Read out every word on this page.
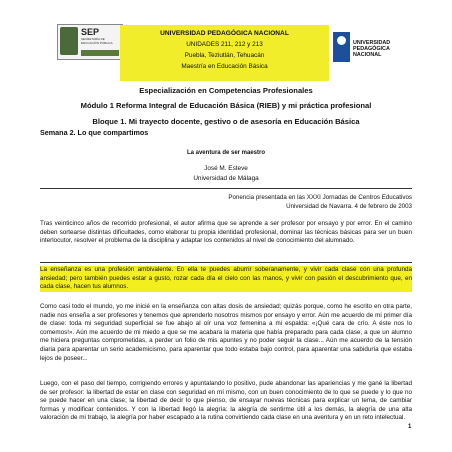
SEP
SECRETARÍA DE EDUCACIÓN PÚBLICA
UNIVERSIDAD PEDAGÓGICA NACIONAL
UNIDADES 211, 212 y 213
Puebla, Teziutlán, Tehuacán
Maestría en Educación Básica
UNIVERSIDAD
PEDAGÓGICA
NACIONAL
Especialización en Competencias Profesionales
Módulo 1 Reforma Integral de Educación Básica (RIEB) y mi práctica profesional
Bloque 1. Mi trayecto docente, gestivo o de asesoría en Educación Básica
Semana 2. Lo que compartimos
La aventura de ser maestro
José M. Esteve
Universidad de Málaga
Ponencia presentada en las XXXI Jornadas de Centros Educativos
Universidad de Navarra. 4 de febrero de 2003
Tras veinticinco años de recorrido profesional, el autor afirma que se aprende a ser profesor por ensayo y por error. En el camino deben sortearse distintas dificultades, como elaborar tu propia identidad profesional, dominar las técnicas básicas para ser un buen interlocutor, resolver el problema de la disciplina y adaptar los contenidos al nivel de conocimiento del alumnado.
La enseñanza es una profesión ambivalente. En ella te puedes aburrir soberanamente, y vivir cada clase con una profunda ansiedad; pero también puedes estar a gusto, rozar cada día el cielo con las manos, y vivir con pasión el descubrimiento que, en cada clase, hacen tus alumnos.
Como casi todo el mundo, yo me inicié en la enseñanza con altas dosis de ansiedad; quizás porque, como he escrito en otra parte, nadie nos enseña a ser profesores y tenemos que aprenderlo nosotros mismos por ensayo y error. Aún me acuerdo de mi primer día de clase: toda mi seguridad superficial se fue abajo al oír una voz femenina a mi espalda: «¡Qué cara de crío. A éste nos lo comemos!». Aún me acuerdo de mi miedo a que se me acabara la materia que había preparado para cada clase, a que un alumno me hiciera preguntas comprometidas, a perder un folio de mis apuntes y no poder seguir la clase... Aún me acuerdo de la tensión diaria para aparentar un serio academicismo, para aparentar que todo estaba bajo control, para aparentar una sabiduría que estaba lejos de poseer...
Luego, con el paso del tiempo, corrigiendo errores y apuntalando lo positivo, pude abandonar las apariencias y me gané la libertad de ser profesor: la libertad de estar en clase con seguridad en mí mismo, con un buen conocimiento de lo que se puede y lo que no se puede hacer en una clase; la libertad de decir lo que pienso, de ensayar nuevas técnicas para explicar un tema, de cambiar formas y modificar contenidos. Y con la libertad llegó la alegría: la alegría de sentirme útil a los demás, la alegría de una alta valoración de mi trabajo, la alegría por haber escapado a la rutina convirtiendo cada clase en una aventura y en un reto intelectual.
1
